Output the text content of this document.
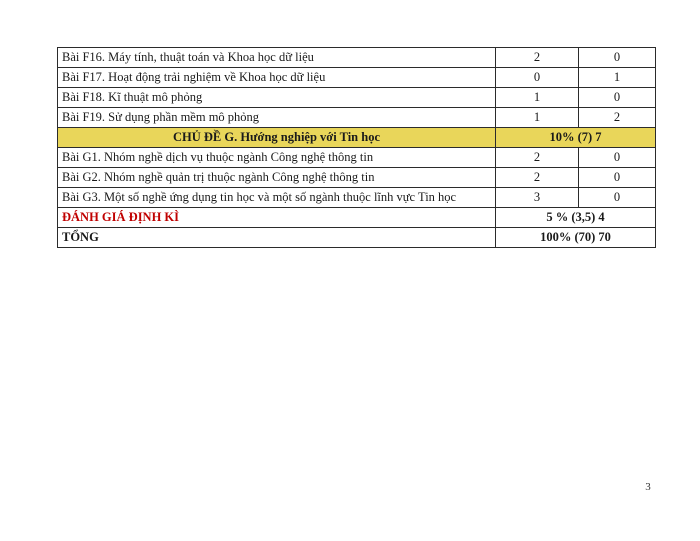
Bài F16. Máy tính, thuật toán và Khoa học dữ liệu	2	0
Bài F17. Hoạt động trải nghiệm về Khoa học dữ liệu	0	1
Bài F18. Kĩ thuật mô phỏng	1	0
Bài F19. Sử dụng phần mềm mô phỏng	1	2
CHỦ ĐỀ G. Hướng nghiệp với Tin học	10% (7) 7	
Bài G1. Nhóm nghề dịch vụ thuộc ngành Công nghệ thông tin	2	0
Bài G2. Nhóm nghề quản trị thuộc ngành Công nghệ thông tin	2	0
Bài G3. Một số nghề ứng dụng tin học và một số ngành thuộc lĩnh vực Tin học	3	0
ĐÁNH GIÁ ĐỊNH KÌ	5 % (3,5) 4	
TỔNG	100% (70) 70	
3
